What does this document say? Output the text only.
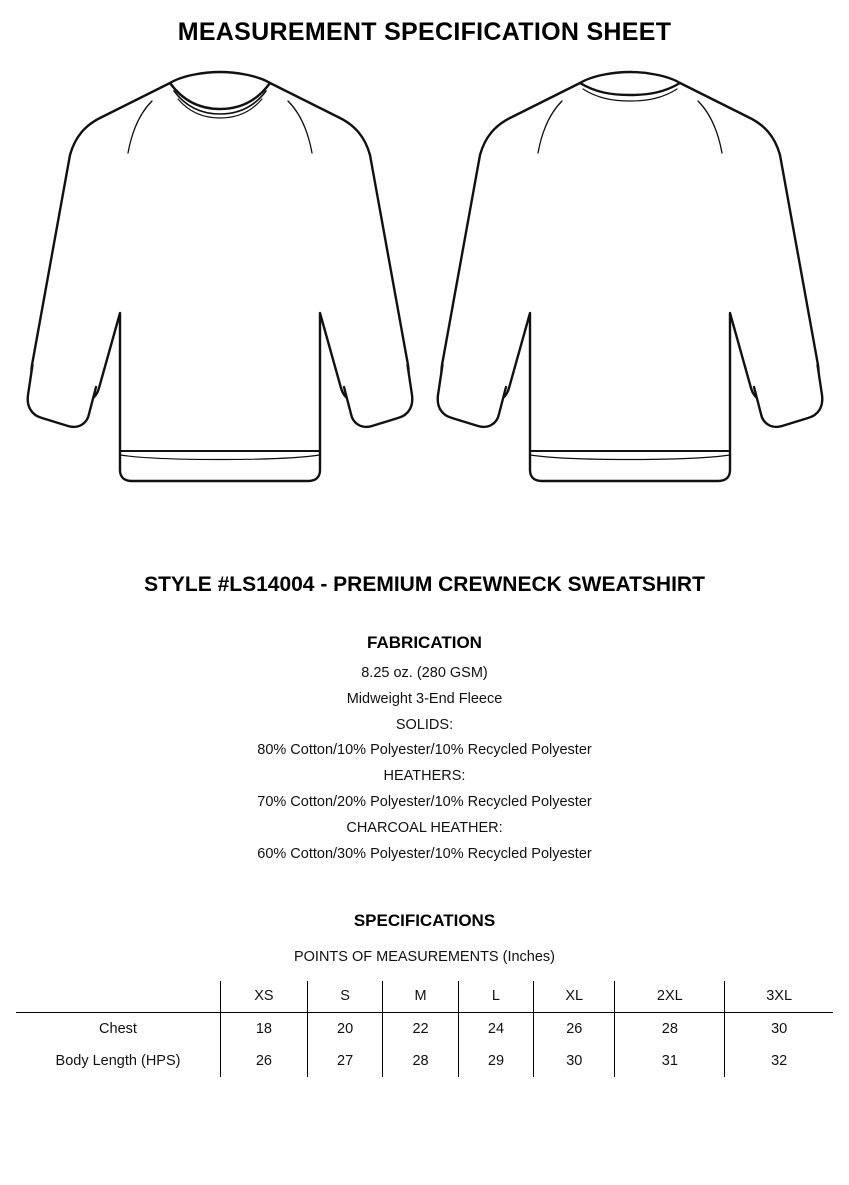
MEASUREMENT SPECIFICATION SHEET
STYLE #LS14004 - PREMIUM CREWNECK SWEATSHIRT
FABRICATION
8.25 oz. (280 GSM)
Midweight 3-End Fleece
SOLIDS:
80% Cotton/10% Polyester/10% Recycled Polyester
HEATHERS:
70% Cotton/20% Polyester/10% Recycled Polyester
CHARCOAL HEATHER:
60% Cotton/30% Polyester/10% Recycled Polyester
SPECIFICATIONS
POINTS OF MEASUREMENTS (Inches)
	XS	S	M	L	XL	2XL	3XL
Chest	18	20	22	24	26	28	30
Body Length (HPS)	26	27	28	29	30	31	32
